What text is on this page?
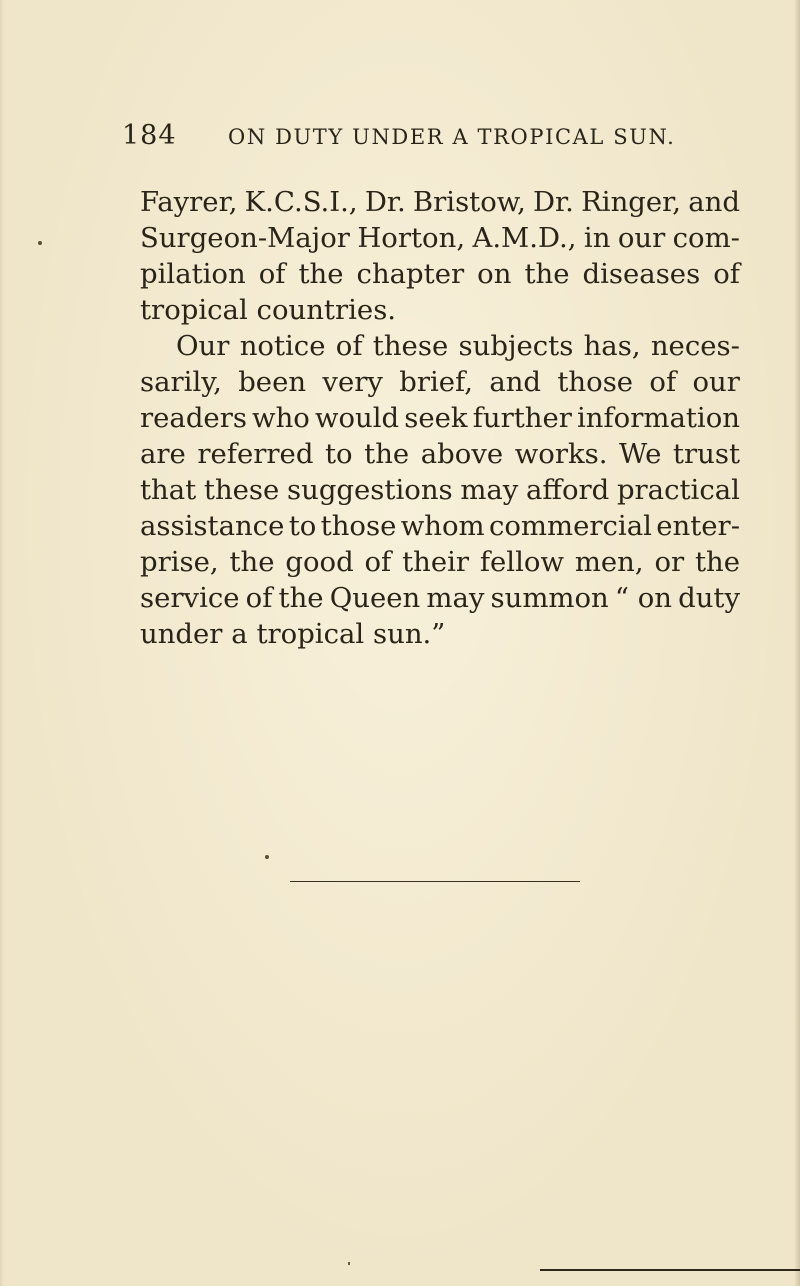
184 ON DUTY UNDER A TROPICAL SUN.
Fayrer, K.C.S.I., Dr. Bristow, Dr. Ringer, and
Surgeon-Major Horton, A.M.D., in our com-
pilation of the chapter on the diseases of
tropical countries.
Our notice of these subjects has, neces-
sarily, been very brief, and those of our
readers who would seek further information
are referred to the above works. We trust
that these suggestions may afford practical
assistance to those whom commercial enter-
prise, the good of their fellow men, or the
service of the Queen may summon “ on duty
under a tropical sun.”
